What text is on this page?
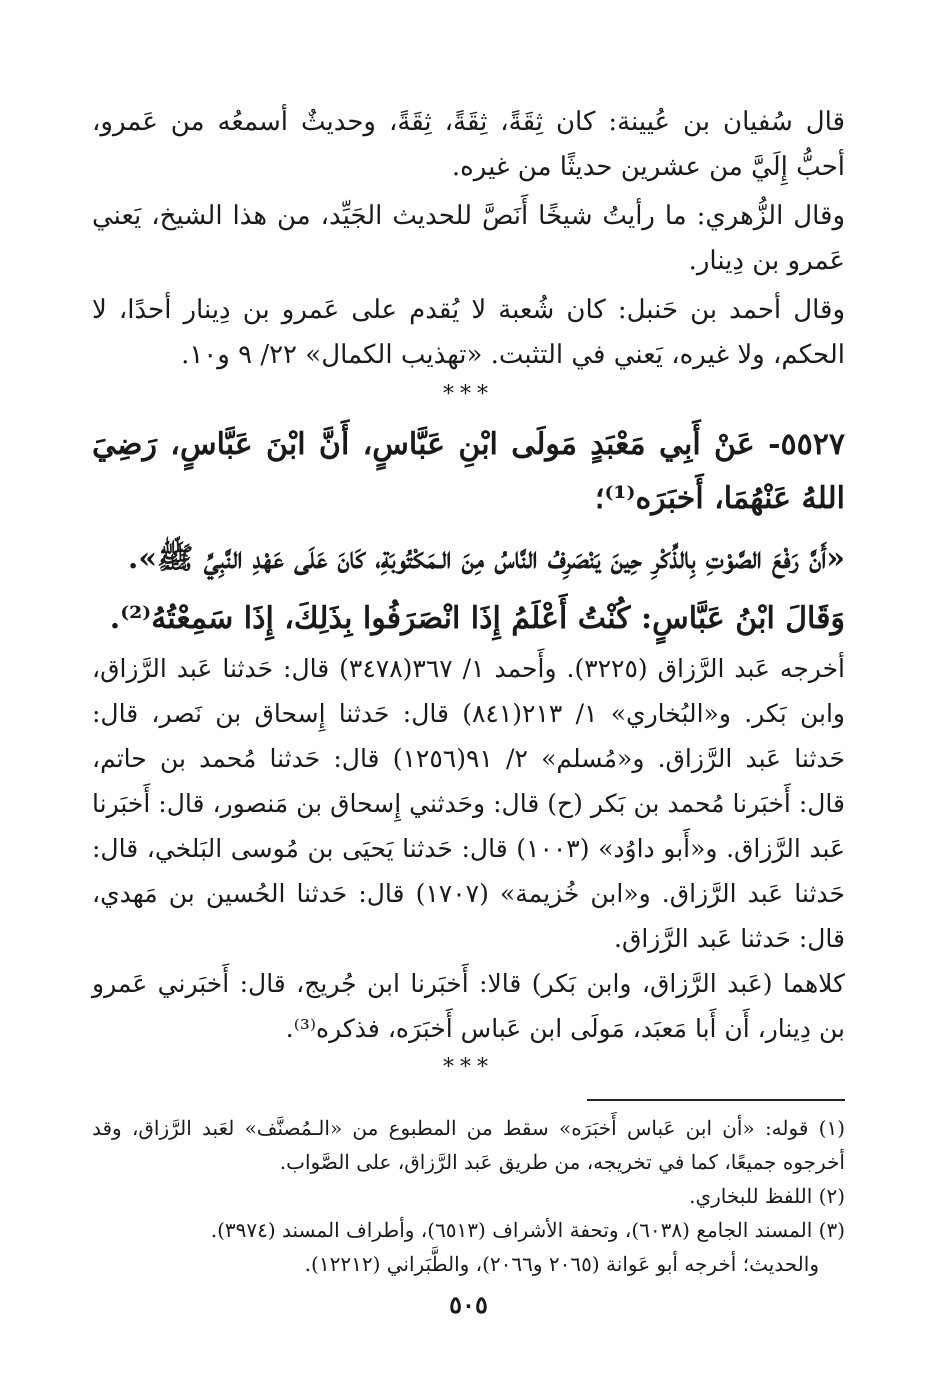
قال سُفيان بن عُيينة: كان ثِقَةً، ثِقَةً، ثِقَةً، وحديثٌ أسمعُه من عَمرو، أحبُّ إِلَيَّ من عشرين حديثًا من غيره.

وقال الزُّهري: ما رأيتُ شيخًا أَنَصَّ للحديث الجَيِّد، من هذا الشيخ، يَعني عَمرو بن دِينار.

وقال أحمد بن حَنبل: كان شُعبة لا يُقدم على عَمرو بن دِينار أحدًا، لا الحكم، ولا غيره، يَعني في التثبت. «تهذيب الكمال» ٢٢/ ٩ و١٠.

***

٥٥٢٧- عَنْ أَبِي مَعْبَدٍ مَولَى ابْنِ عَبَّاسٍ، أَنَّ ابْنَ عَبَّاسٍ، رَضِيَ اللهُ عَنْهُمَا، أَخبَرَه⁽¹⁾؛

«أَنَّ رَفْعَ الصَّوْتِ بِالذِّكْرِ حِينَ يَنْصَرِفُ النَّاسُ مِنَ الـمَكْتُوبَةِ، كَانَ عَلَى عَهْدِ النَّبِيِّ ﷺ».

وَقَالَ ابْنُ عَبَّاسٍ: كُنْتُ أَعْلَمُ إِذَا انْصَرَفُوا بِذَلِكَ، إِذَا سَمِعْتُهُ⁽²⁾.

أخرجه عَبد الرَّزاق (٣٢٢٥). وأَحمد ١/ ٣٦٧(٣٤٧٨) قال: حَدثنا عَبد الرَّزاق، وابن بَكر. و«البُخاري» ١/ ٢١٣(٨٤١) قال: حَدثنا إِسحاق بن نَصر، قال: حَدثنا عَبد الرَّزاق. و«مُسلم» ٢/ ٩١(١٢٥٦) قال: حَدثنا مُحمد بن حاتم، قال: أَخبَرنا مُحمد بن بَكر (ح) قال: وحَدثني إِسحاق بن مَنصور، قال: أَخبَرنا عَبد الرَّزاق. و«أَبو داوُد» (١٠٠٣) قال: حَدثنا يَحيَى بن مُوسى البَلخي، قال: حَدثنا عَبد الرَّزاق. و«ابن خُزيمة» (١٧٠٧) قال: حَدثنا الحُسين بن مَهدي، قال: حَدثنا عَبد الرَّزاق.

كلاهما (عَبد الرَّزاق، وابن بَكر) قالا: أَخبَرنا ابن جُريج، قال: أَخبَرني عَمرو بن دِينار، أَن أَبا مَعبَد، مَولَى ابن عَباس أَخبَرَه، فذكره⁽³⁾.

***

(١) قوله: «أن ابن عَباس أَخبَرَه» سقط من المطبوع من «الـمُصنَّف» لعَبد الرَّزاق، وقد أخرجوه جميعًا، كما في تخريجه، من طريق عَبد الرَّزاق، على الصَّواب.

(٢) اللفظ للبخاري.

(٣) المسند الجامع (٦٠٣٨)، وتحفة الأشراف (٦٥١٣)، وأطراف المسند (٣٩٧٤).

والحديث؛ أخرجه أبو عَوانة (٢٠٦٥ و٢٠٦٦)، والطَّبَراني (١٢٢١٢).

٥٠٥
